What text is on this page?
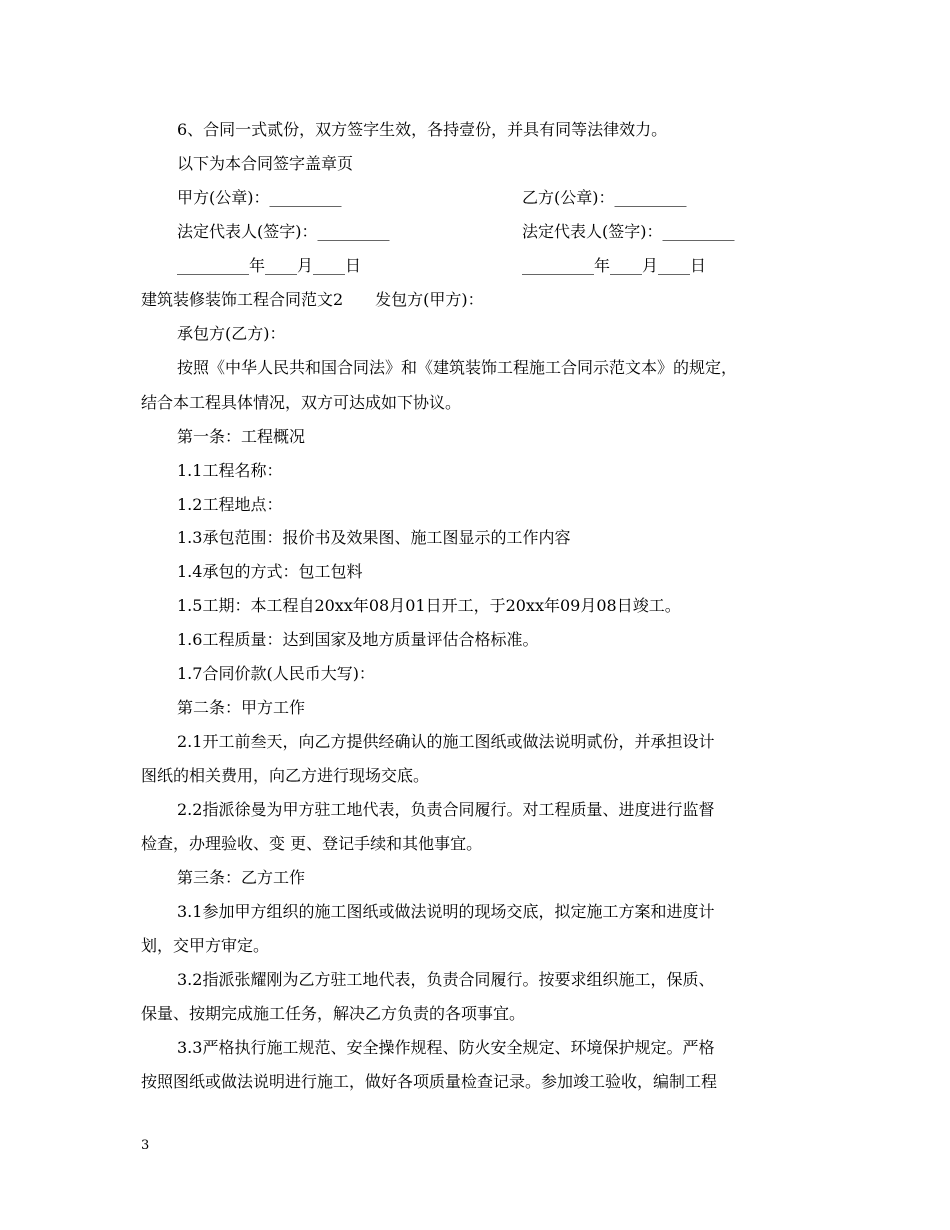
6、合同一式贰份，双方签字生效，各持壹份，并具有同等法律效力。
以下为本合同签字盖章页
甲方(公章)：_________	乙方(公章)：_________
法定代表人(签字)：_________	法定代表人(签字)：_________
_________年____月____日	_________年____月____日
建筑装修装饰工程合同范文2　　发包方(甲方)：
承包方(乙方)：
按照《中华人民共和国合同法》和《建筑装饰工程施工合同示范文本》的规定，
结合本工程具体情况，双方可达成如下协议。
第一条：工程概况
1.1工程名称：
1.2工程地点：
1.3承包范围：报价书及效果图、施工图显示的工作内容
1.4承包的方式：包工包料
1.5工期：本工程自20xx年08月01日开工，于20xx年09月08日竣工。
1.6工程质量：达到国家及地方质量评估合格标准。
1.7合同价款(人民币大写)：
第二条：甲方工作
2.1开工前叁天，向乙方提供经确认的施工图纸或做法说明贰份，并承担设计
图纸的相关费用，向乙方进行现场交底。
2.2指派徐曼为甲方驻工地代表，负责合同履行。对工程质量、进度进行监督
检查，办理验收、变 更、登记手续和其他事宜。
第三条：乙方工作
3.1参加甲方组织的施工图纸或做法说明的现场交底，拟定施工方案和进度计
划，交甲方审定。
3.2指派张耀刚为乙方驻工地代表，负责合同履行。按要求组织施工，保质、
保量、按期完成施工任务，解决乙方负责的各项事宜。
3.3严格执行施工规范、安全操作规程、防火安全规定、环境保护规定。严格
按照图纸或做法说明进行施工，做好各项质量检查记录。参加竣工验收，编制工程
3
